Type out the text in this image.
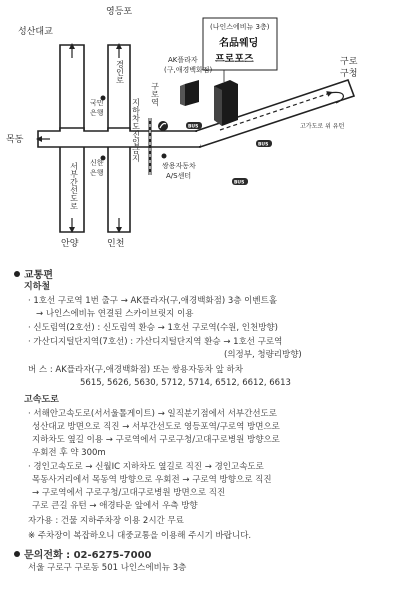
BUS
BUS
BUS
성산대교
영등포
목동
안양	인천
구로
구청
AK플라자
(구,애경백화점)
(나인스에비뉴 3층)
국민
은행
신한
은행
쌍용자동차
A/S센터
고가도로 위 유턴
名品웨딩
프로포즈
경인로
서부간선도로
지하차도진입금지
구로역
교통편
지하철
· 1호선 구로역 1번 출구 → AK플라자(구,애경백화점) 3층 이벤트홀
→ 나인스에비뉴 연결된 스카이브릿지 이용
· 신도림역(2호선) : 신도림역 환승 → 1호선 구로역(수원, 인천방향)
· 가산디지털단지역(7호선) : 가산디지털단지역 환승 → 1호선 구로역
(의정부, 청량리방향)
버 스 : AK플라자(구,애경백화점) 또는 쌍용자동차 앞 하차
5615, 5626, 5630, 5712, 5714, 6512, 6612, 6613
고속도로
· 서해안고속도로(서서울톨게이트) → 일직분기점에서 서부간선도로
성산대교 방면으로 직진 → 서부간선도로 영등포역/구로역 방면으로
지하차도 옆길 이용 → 구로역에서 구로구청/고대구로병원 방향으로
우회전 후 약 300m
· 경인고속도로 → 신월IC 지하차도 옆길로 직진 → 경인고속도로
목동사거리에서 목동역 방향으로 우회전 → 구로역 방향으로 직진
→ 구로역에서 구로구청/고대구로병원 방면으로 직진
구로 큰길 유턴 → 애경타운 앞에서 우측 방향
자가용 : 건물 지하주차장 이용 2시간 무료
※ 주차장이 복잡하오니 대중교통을 이용해 주시기 바랍니다.
문의전화 : 02-6275-7000
서울 구로구 구로동 501 나인스에비뉴 3층
